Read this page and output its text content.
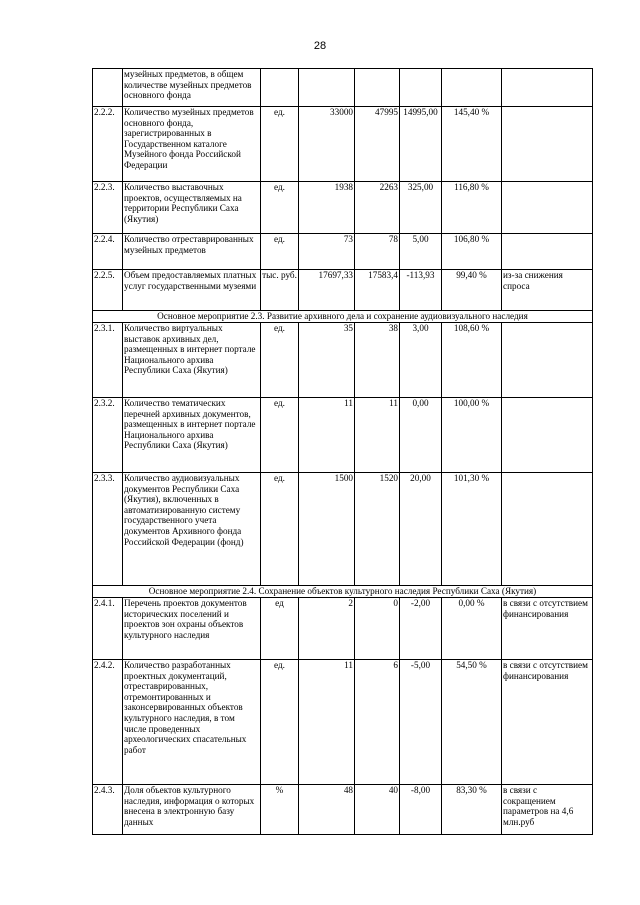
28
	музейных предметов, в общем количестве музейных предметов основного фонда						
2.2.2.	Количество музейных предметов основного фонда, зарегистрированных в Государственном каталоге Музейного фонда Российской Федерации	ед.	33000	47995	14995,00	145,40 %	
2.2.3.	Количество выставочных проектов, осуществляемых на территории Республики Саха (Якутия)	ед.	1938	2263	325,00	116,80 %	
2.2.4.	Количество отреставрированных музейных предметов	ед.	73	78	5,00	106,80 %	
2.2.5.	Объем предоставляемых платных услуг государственными музеями	тыс. руб.	17697,33	17583,4	-113,93	99,40 %	из-за снижения спроса
Основное мероприятие 2.3. Развитие архивного дела и сохранение аудиовизуального наследия							
2.3.1.	Количество виртуальных выставок архивных дел, размещенных в интернет портале Национального архива Республики Саха (Якутия)	ед.	35	38	3,00	108,60 %	
2.3.2.	Количество тематических перечней архивных документов, размещенных в интернет портале Национального архива Республики Саха (Якутия)	ед.	11	11	0,00	100,00 %	
2.3.3.	Количество аудиовизуальных документов Республики Саха (Якутия), включенных в автоматизированную систему государственного учета документов Архивного фонда Российской Федерации (фонд)	ед.	1500	1520	20,00	101,30 %	
Основное мероприятие 2.4. Сохранение объектов культурного наследия Республики Саха (Якутия)							
2.4.1.	Перечень проектов документов исторических поселений и проектов зон охраны объектов культурного наследия	ед	2	0	-2,00	0,00 %	в связи с отсутствием финансирования
2.4.2.	Количество разработанных проектных документаций, отреставрированных, отремонтированных и законсервированных объектов культурного наследия, в том числе проведенных археологических спасательных работ	ед.	11	6	-5,00	54,50 %	в связи с отсутствием финансирования
2.4.3.	Доля объектов культурного наследия, информация о которых внесена в электронную базу данных	%	48	40	-8,00	83,30 %	в связи с сокращением параметров на 4,6 млн.руб
